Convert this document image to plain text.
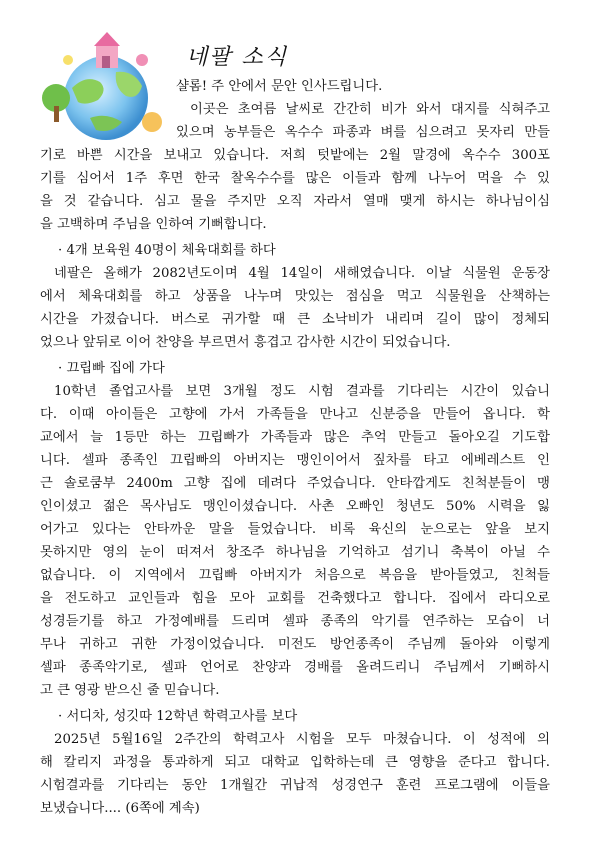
네팔 소식
샬롬! 주 안에서 문안 인사드립니다.
이곳은 초여름 날씨로 간간히 비가 와서 대지를 식혀주고
있으며 농부들은 옥수수 파종과 벼를 심으려고 못자리 만들
기로 바쁜 시간을 보내고 있습니다. 저희 텃밭에는 2월 말경에 옥수수 300포
기를 심어서 1주 후면 한국 찰옥수수를 많은 이들과 함께 나누어 먹을 수 있
을 것 같습니다. 심고 물을 주지만 오직 자라서 열매 맺게 하시는 하나님이심
을 고백하며 주님을 인하여 기뻐합니다.
· 4개 보육원 40명이 체육대회를 하다
네팔은 올해가 2082년도이며 4월 14일이 새해였습니다. 이날 식물원 운동장
에서 체육대회를 하고 상품을 나누며 맛있는 점심을 먹고 식물원을 산책하는
시간을 가졌습니다. 버스로 귀가할 때 큰 소낙비가 내리며 길이 많이 정체되
었으나 앞뒤로 이어 찬양을 부르면서 흥겹고 감사한 시간이 되었습니다.
· 끄립빠 집에 가다
10학년 졸업고사를 보면 3개월 정도 시험 결과를 기다리는 시간이 있습니
다. 이때 아이들은 고향에 가서 가족들을 만나고 신분증을 만들어 옵니다. 학
교에서 늘 1등만 하는 끄립빠가 가족들과 많은 추억 만들고 돌아오길 기도합
니다. 셀파 종족인 끄립빠의 아버지는 맹인이어서 짚차를 타고 에베레스트 인
근 솔로쿰부 2400m 고향 집에 데려다 주었습니다. 안타깝게도 친척분들이 맹
인이셨고 젊은 목사님도 맹인이셨습니다. 사촌 오빠인 청년도 50% 시력을 잃
어가고 있다는 안타까운 말을 들었습니다. 비록 육신의 눈으로는 앞을 보지
못하지만 영의 눈이 떠져서 창조주 하나님을 기억하고 섬기니 축복이 아닐 수
없습니다. 이 지역에서 끄립빠 아버지가 처음으로 복음을 받아들였고, 친척들
을 전도하고 교인들과 힘을 모아 교회를 건축했다고 합니다. 집에서 라디오로
성경듣기를 하고 가정예배를 드리며 셀파 종족의 악기를 연주하는 모습이 너
무나 귀하고 귀한 가정이었습니다. 미전도 방언종족이 주님께 돌아와 이렇게
셀파 종족악기로, 셀파 언어로 찬양과 경배를 올려드리니 주님께서 기뻐하시
고 큰 영광 받으신 줄 믿습니다.
· 서디차, 성깃따 12학년 학력고사를 보다
2025년 5월16일 2주간의 학력고사 시험을 모두 마쳤습니다. 이 성적에 의
해 칼리지 과정을 통과하게 되고 대학교 입학하는데 큰 영향을 준다고 합니다.
시험결과를 기다리는 동안 1개월간 귀납적 성경연구 훈련 프로그램에 이들을
보냈습니다.... (6쪽에 계속)
